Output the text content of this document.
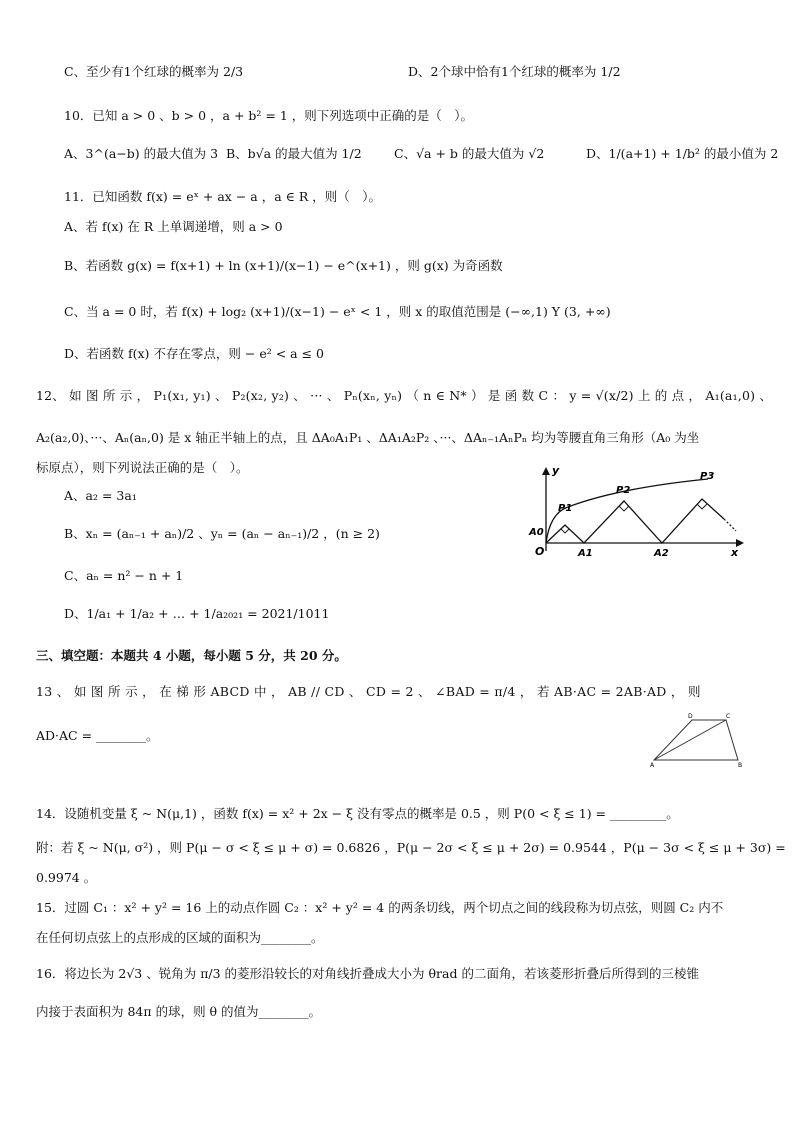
C、至少有1个红球的概率为 2/3	D、2个球中恰有1个红球的概率为 1/2
10．已知 a > 0 、b > 0 ，a + b² = 1 ，则下列选项中正确的是（　）。
A、3^(a−b) 的最大值为 3 B、b√a 的最大值为 1/2	C、√a + b 的最大值为 √2	D、1/(a+1) + 1/b² 的最小值为 2
11．已知函数 f(x) = eˣ + ax − a ，a ∈ R ，则（　）。
A、若 f(x) 在 R 上单调递增，则 a > 0
B、若函数 g(x) = f(x+1) + ln (x+1)/(x−1) − e^(x+1) ，则 g(x) 为奇函数
C、当 a = 0 时，若 f(x) + log₂ (x+1)/(x−1) − eˣ < 1 ，则 x 的取值范围是 (−∞,1) Y (3, +∞)
D、若函数 f(x) 不存在零点，则 − e² < a ≤ 0
12、 如 图 所 示 ， P₁(x₁, y₁) 、 P₂(x₂, y₂) 、 ··· 、 Pₙ(xₙ, yₙ) （ n ∈ N* ） 是 函 数 C ： y = √(x/2) 上 的 点 ， A₁(a₁,0) 、
A₂(a₂,0)、···、Aₙ(aₙ,0) 是 x 轴正半轴上的点，且 ΔA₀A₁P₁ 、ΔA₁A₂P₂ 、···、ΔAₙ₋₁AₙPₙ 均为等腰直角三角形（A₀ 为坐
标原点），则下列说法正确的是（　）。
A、a₂ = 3a₁
B、xₙ = (aₙ₋₁ + aₙ)/2 、yₙ = (aₙ − aₙ₋₁)/2 ，(n ≥ 2)
C、aₙ = n² − n + 1
D、1/a₁ + 1/a₂ + … + 1/a₂₀₂₁ = 2021/1011
y
x
O
A0
A1	A2
P1
P2
P3
三、填空题：本题共 4 小题，每小题 5 分，共 20 分。
13 、 如 图 所 示 ， 在 梯 形 ABCD 中 ， AB // CD 、 CD = 2 、 ∠BAD = π/4 ， 若 AB·AC = 2AB·AD ， 则
AD·AC = ________。
A	B
C
D
14．设随机变量 ξ ~ N(μ,1) ，函数 f(x) = x² + 2x − ξ 没有零点的概率是 0.5 ，则 P(0 < ξ ≤ 1) = _________。
附：若 ξ ~ N(μ, σ²) ，则 P(μ − σ < ξ ≤ μ + σ) = 0.6826 ，P(μ − 2σ < ξ ≤ μ + 2σ) = 0.9544 ，P(μ − 3σ < ξ ≤ μ + 3σ) =
0.9974 。
15．过圆 C₁ ：x² + y² = 16 上的动点作圆 C₂ ：x² + y² = 4 的两条切线，两个切点之间的线段称为切点弦，则圆 C₂ 内不
在任何切点弦上的点形成的区域的面积为________。
16．将边长为 2√3 、锐角为 π/3 的菱形沿较长的对角线折叠成大小为 θrad 的二面角，若该菱形折叠后所得到的三棱锥
内接于表面积为 84π 的球，则 θ 的值为________。
